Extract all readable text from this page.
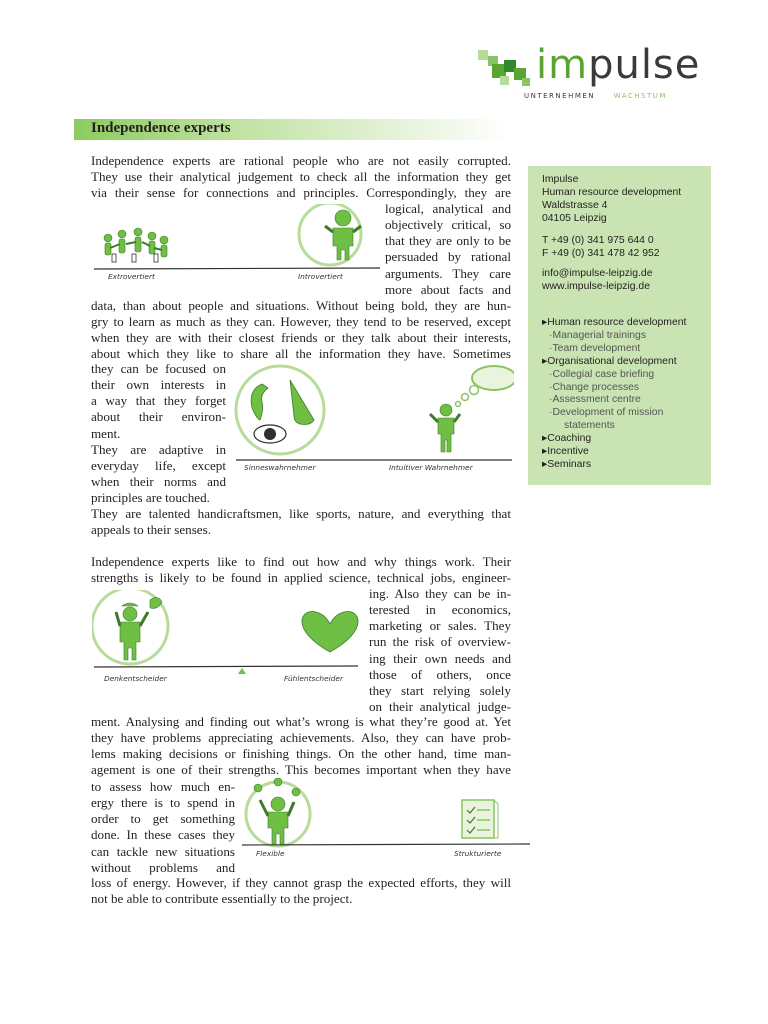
impulse
UNTERNEHMEN	WACHSTUM
Independence experts
Independence experts are rational people who are not easily corrupted.
They use their analytical judgement to check all the information they get
via their sense for connections and principles. Correspondingly, they are
logical, analytical and
objectively critical, so
that they are only to be
persuaded by rational
arguments. They care
more about facts and
data, than about people and situations. Without being bold, they are hun-
gry to learn as much as they can. However, they tend to be reserved, except
when they are with their closest friends or they talk about their interests,
about which they like to share all the information they have. Sometimes
they can be focused on
their own interests in
a way that they forget
about their environ-
ment.
They are adaptive in
everyday life, except
when their norms and
principles are touched.
They are talented handicraftsmen, like sports, nature, and everything that
appeals to their senses.
Independence experts like to find out how and why things work. Their
strengths is likely to be found in applied science, technical jobs, engineer-
ing. Also they can be in-
terested in economics,
marketing or sales. They
run the risk of overview-
ing their own needs and
those of others, once
they start relying solely
on their analytical judge-
ment. Analysing and finding out what’s wrong is what they’re good at. Yet
they have problems appreciating achievements. Also, they can have prob-
lems making decisions or finishing things. On the other hand, time man-
agement is one of their strengths. This becomes important when they have
to assess how much en-
ergy there is to spend in
order to get something
done. In these cases they
can tackle new situations
without problems and
loss of energy. However, if they cannot grasp the expected efforts, they will
not be able to contribute essentially to the project.
Extrovertiert	Introvertiert
Sinneswahrnehmer	Intuitiver Wahrnehmer
Denkentscheider	Fühlentscheider
Flexible	Strukturierte
Impulse
Human resource development
Waldstrasse 4
04105 Leipzig
T +49 (0) 341 975 644 0
F +49 (0) 341 478 42 952
info@impulse-leipzig.de
www.impulse-leipzig.de
▸ Human resource development
· Managerial trainings
· Team development
▸ Organisational development
· Collegial case briefing
· Change processes
· Assessment centre
· Development of mission
statements
▸ Coaching
▸ Incentive
▸ Seminars
